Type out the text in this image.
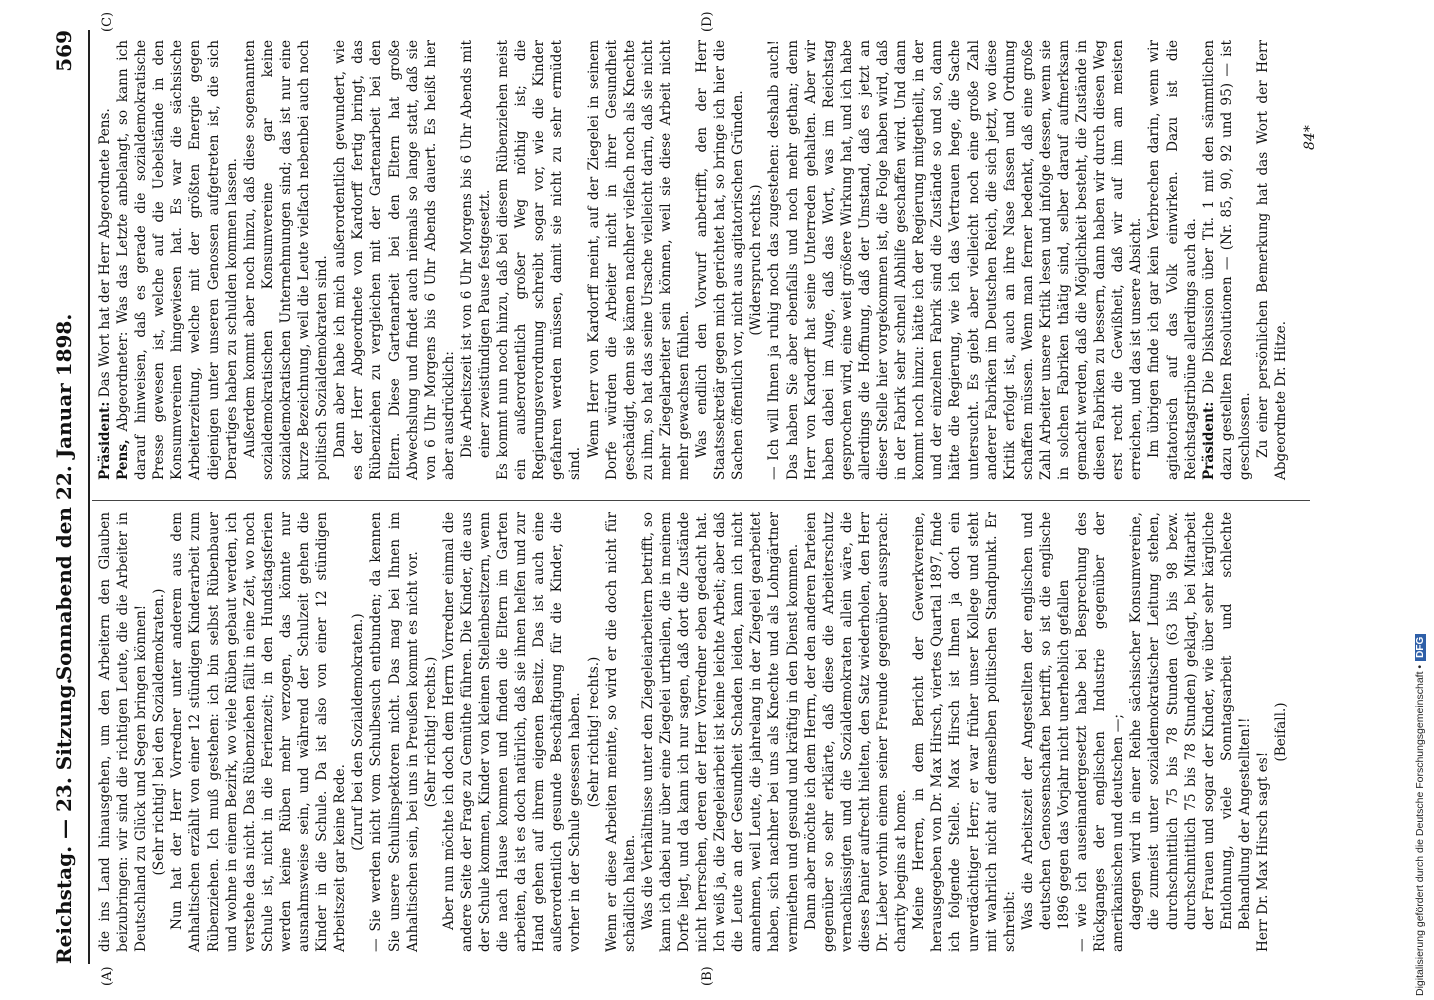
Reichstag. — 23. Sitzung.
Sonnabend den 22. Januar 1898.
569
(A)	(B)
(C)	(D)

die ins Land hinausgehen, um den Arbeitern den Glauben beizubringen: wir sind die richtigen Leute, die die Arbeiter in Deutschland zu Glück und Segen bringen können! (Sehr richtig! bei den Sozialdemokraten.) Nun hat der Herr Vorredner unter anderem aus dem Anhaltischen erzählt von einer 12 stündigen Kinderarbeit zum Rübenziehen. Ich muß gestehen: ich bin selbst Rübenbauer und wohne in einem Bezirk, wo viele Rüben gebaut werden, ich verstehe das nicht. Das Rübenziehen fällt in eine Zeit, wo noch Schule ist, nicht in die Ferienzeit; in den Hundstagsferien werden keine Rüben mehr verzogen, das könnte nur ausnahmsweise sein, und während der Schulzeit gehen die Kinder in die Schule. Da ist also von einer 12 stündigen Arbeitszeit gar keine Rede.

(Zuruf bei den Sozialdemokraten.) — Sie werden nicht vom Schulbesuch entbunden; da kennen Sie unsere Schulinspektoren nicht. Das mag bei Ihnen im Anhaltischen sein, bei uns in Preußen kommt es nicht vor. (Sehr richtig! rechts.) Aber nun möchte ich doch dem Herrn Vorredner einmal die andere Seite der Frage zu Gemüthe führen. Die Kinder, die aus der Schule kommen, Kinder von kleinen Stellenbesitzern, wenn die nach Hause kommen und finden die Eltern im Garten arbeiten, da ist es doch natürlich, daß sie ihnen helfen und zur Hand gehen auf ihrem eigenen Besitz. Das ist auch eine außerordentlich gesunde Beschäftigung für die Kinder, die vorher in der Schule gesessen haben. (Sehr richtig! rechts.) Wenn er diese Arbeiten meinte, so wird er die doch nicht für schädlich halten. Was die Verhältnisse unter den Ziegeleiarbeitern betrifft, so kann ich dabei nur über eine Ziegelei urtheilen, die in meinem Dorfe liegt, und da kann ich nur sagen, daß dort die Zustände nicht herrschen, deren der Herr Vorredner eben gedacht hat. Ich weiß ja, die Ziegeleiarbeit ist keine leichte Arbeit; aber daß die Leute an der Gesundheit Schaden leiden, kann ich nicht annehmen, weil Leute, die jahrelang in der Ziegelei gearbeitet haben, sich nachher bei uns als Knechte und als Lohngärtner vermiethen und gesund und kräftig in den Dienst kommen. Dann aber möchte ich dem Herrn, der den anderen Parteien gegenüber so sehr erklärte, daß diese die Arbeiterschutz vernachlässigten und die Sozialdemokraten allein wäre, die dieses Panier aufrecht hielten, den Satz wiederholen, den Herr Dr. Lieber vorhin einem seiner Freunde gegenüber aussprach: charity begins at home. Meine Herren, in dem Bericht der Gewerkvereine, herausgegeben von Dr. Max Hirsch, viertes Quartal 1897, finde ich folgende Stelle. Max Hirsch ist Ihnen ja doch ein unverdächtiger Herr; er war früher unser Kollege und steht mit wahrlich nicht auf demselben politischen Standpunkt. Er schreibt: Was die Arbeitszeit der Angestellten der englischen und deutschen Genossenschaften betrifft, so ist die englische 1896 gegen das Vorjahr nicht unerheblich gefallen — wie ich auseinandergesetzt habe bei Besprechung des Rückganges der englischen Industrie gegenüber der amerikanischen und deutschen —; dagegen wird in einer Reihe sächsischer Konsumvereine, die zumeist unter sozialdemokratischer Leitung stehen, durchschnittlich 75 bis 78 Stunden (63 bis 98 bezw. durchschnittlich 75 bis 78 Stunden) geklagt, bei Mitarbeit der Frauen und sogar der Kinder, wie über sehr kärgliche Entlohnung, viele Sonntagsarbeit und schlechte Behandlung der Angestellten!! Herr Dr. Max Hirsch sagt es!

(Beifall.)

Präsident: Das Wort hat der Herr Abgeordnete Pens.

Pens, Abgeordneter: Was das Letzte anbelangt, so kann ich darauf hinweisen, daß es gerade die sozialdemokratische Presse gewesen ist, welche auf die Uebelstände in den Konsumvereinen hingewiesen hat. Es war die sächsische Arbeiterzeitung, welche mit der größten Energie gegen diejenigen unter unseren Genossen aufgetreten ist, die sich Derartiges haben zu schulden kommen lassen. Außerdem kommt aber noch hinzu, daß diese sogenannten sozialdemokratischen Konsumvereine gar keine sozialdemokratischen Unternehmungen sind; das ist nur eine kurze Bezeichnung, weil die Leute vielfach nebenbei auch noch politisch Sozialdemokraten sind. Dann aber habe ich mich außerordentlich gewundert, wie es der Herr Abgeordnete von Kardorff fertig bringt, das Rübenziehen zu vergleichen mit der Gartenarbeit bei den Eltern. Diese Gartenarbeit bei den Eltern hat große Abwechslung und findet auch niemals so lange statt, daß sie von 6 Uhr Morgens bis 6 Uhr Abends dauert. Es heißt hier aber ausdrücklich: Die Arbeitszeit ist von 6 Uhr Morgens bis 6 Uhr Abends mit einer zweistündigen Pause festgesetzt. Es kommt nun noch hinzu, daß bei diesem Rübenziehen meist ein außerordentlich großer Weg nöthig ist; die Regierungsverordnung schreibt sogar vor, wie die Kinder gefahren werden müssen, damit sie nicht zu sehr ermüdet sind.

Wenn Herr von Kardorff meint, auf der Ziegelei in seinem Dorfe würden die Arbeiter nicht in ihrer Gesundheit geschädigt, denn sie kämen nachher vielfach noch als Knechte zu ihm, so hat das seine Ursache vielleicht darin, daß sie nicht mehr Ziegelarbeiter sein können, weil sie diese Arbeit nicht mehr gewachsen fühlen. Was endlich den Vorwurf anbetrifft, den der Herr Staatssekretär gegen mich gerichtet hat, so bringe ich hier die Sachen öffentlich vor, nicht aus agitatorischen Gründen. (Widerspruch rechts.) — Ich will Ihnen ja ruhig noch das zugestehen: deshalb auch! Das haben Sie aber ebenfalls und noch mehr gethan; denn Herr von Kardorff hat seine Unterreden gehalten. Aber wir haben dabei im Auge, daß das Wort, was im Reichstag gesprochen wird, eine weit größere Wirkung hat, und ich habe allerdings die Hoffnung, daß der Umstand, daß es jetzt an dieser Stelle hier vorgekommen ist, die Folge haben wird, daß in der Fabrik sehr schnell Abhilfe geschaffen wird. Und dann kommt noch hinzu: hätte ich der Regierung mitgetheilt, in der und der einzelnen Fabrik sind die Zustände so und so, dann hätte die Regierung, wie ich das Vertrauen hege, die Sache untersucht. Es giebt aber vielleicht noch eine große Zahl anderer Fabriken im Deutschen Reich, die sich jetzt, wo diese Kritik erfolgt ist, auch an ihre Nase fassen und Ordnung schaffen müssen. Wenn man ferner bedenkt, daß eine große Zahl Arbeiter unsere Kritik lesen und infolge dessen, wenn sie in solchen Fabriken thätig sind, selber darauf aufmerksam gemacht werden, daß die Möglichkeit besteht, die Zustände in diesen Fabriken zu bessern, dann haben wir durch diesen Weg erst recht die Gewißheit, daß wir auf ihm am meisten erreichen, und das ist unsere Absicht. Im übrigen finde ich gar kein Verbrechen darin, wenn wir agitatorisch auf das Volk einwirken. Dazu ist die Reichstagstribüne allerdings auch da. Präsident: Die Diskussion über Tit. 1 mit den sämmtlichen dazu gestellten Resolutionen — (Nr. 85, 90, 92 und 95) — ist geschlossen. Zu einer persönlichen Bemerkung hat das Wort der Herr Abgeordnete Dr. Hitze.

84*
Digitalisierung gefördert durch die Deutsche Forschungsgemeinschaft •DFG
